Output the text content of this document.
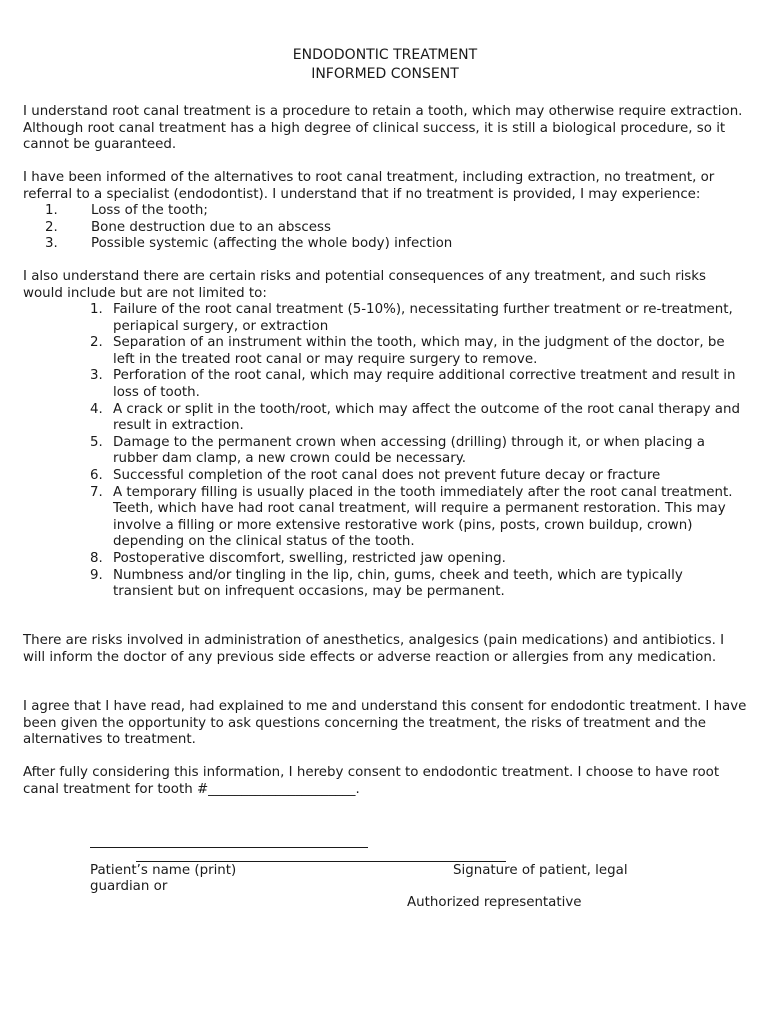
ENDODONTIC TREATMENT
INFORMED CONSENT
I understand root canal treatment is a procedure to retain a tooth, which may otherwise require extraction. Although root canal treatment has a high degree of clinical success, it is still a biological procedure, so it cannot be guaranteed.
I have been informed of the alternatives to root canal treatment, including extraction, no treatment, or referral to a specialist (endodontist). I understand that if no treatment is provided, I may experience:
1.	Loss of the tooth;
2.	Bone destruction due to an abscess
3.	Possible systemic (affecting the whole body) infection
I also understand there are certain risks and potential consequences of any treatment, and such risks would include but are not limited to:
1. Failure of the root canal treatment (5-10%), necessitating further treatment or re-treatment, periapical surgery, or extraction
2. Separation of an instrument within the tooth, which may, in the judgment of the doctor, be left in the treated root canal or may require surgery to remove.
3. Perforation of the root canal, which may require additional corrective treatment and result in loss of tooth.
4. A crack or split in the tooth/root, which may affect the outcome of the root canal therapy and result in extraction.
5. Damage to the permanent crown when accessing (drilling) through it, or when placing a rubber dam clamp, a new crown could be necessary.
6. Successful completion of the root canal does not prevent future decay or fracture
7. A temporary filling is usually placed in the tooth immediately after the root canal treatment. Teeth, which have had root canal treatment, will require a permanent restoration. This may involve a filling or more extensive restorative work (pins, posts, crown buildup, crown) depending on the clinical status of the tooth.
8. Postoperative discomfort, swelling, restricted jaw opening.
9. Numbness and/or tingling in the lip, chin, gums, cheek and teeth, which are typically transient but on infrequent occasions, may be permanent.
There are risks involved in administration of anesthetics, analgesics (pain medications) and antibiotics. I will inform the doctor of any previous side effects or adverse reaction or allergies from any medication.
I agree that I have read, had explained to me and understand this consent for endodontic treatment. I have been given the opportunity to ask questions concerning the treatment, the risks of treatment and the alternatives to treatment.
After fully considering this information, I hereby consent to endodontic treatment. I choose to have root canal treatment for tooth #______________________.
Patient’s name (print)	Signature of patient, legal
guardian or
Authorized representative
